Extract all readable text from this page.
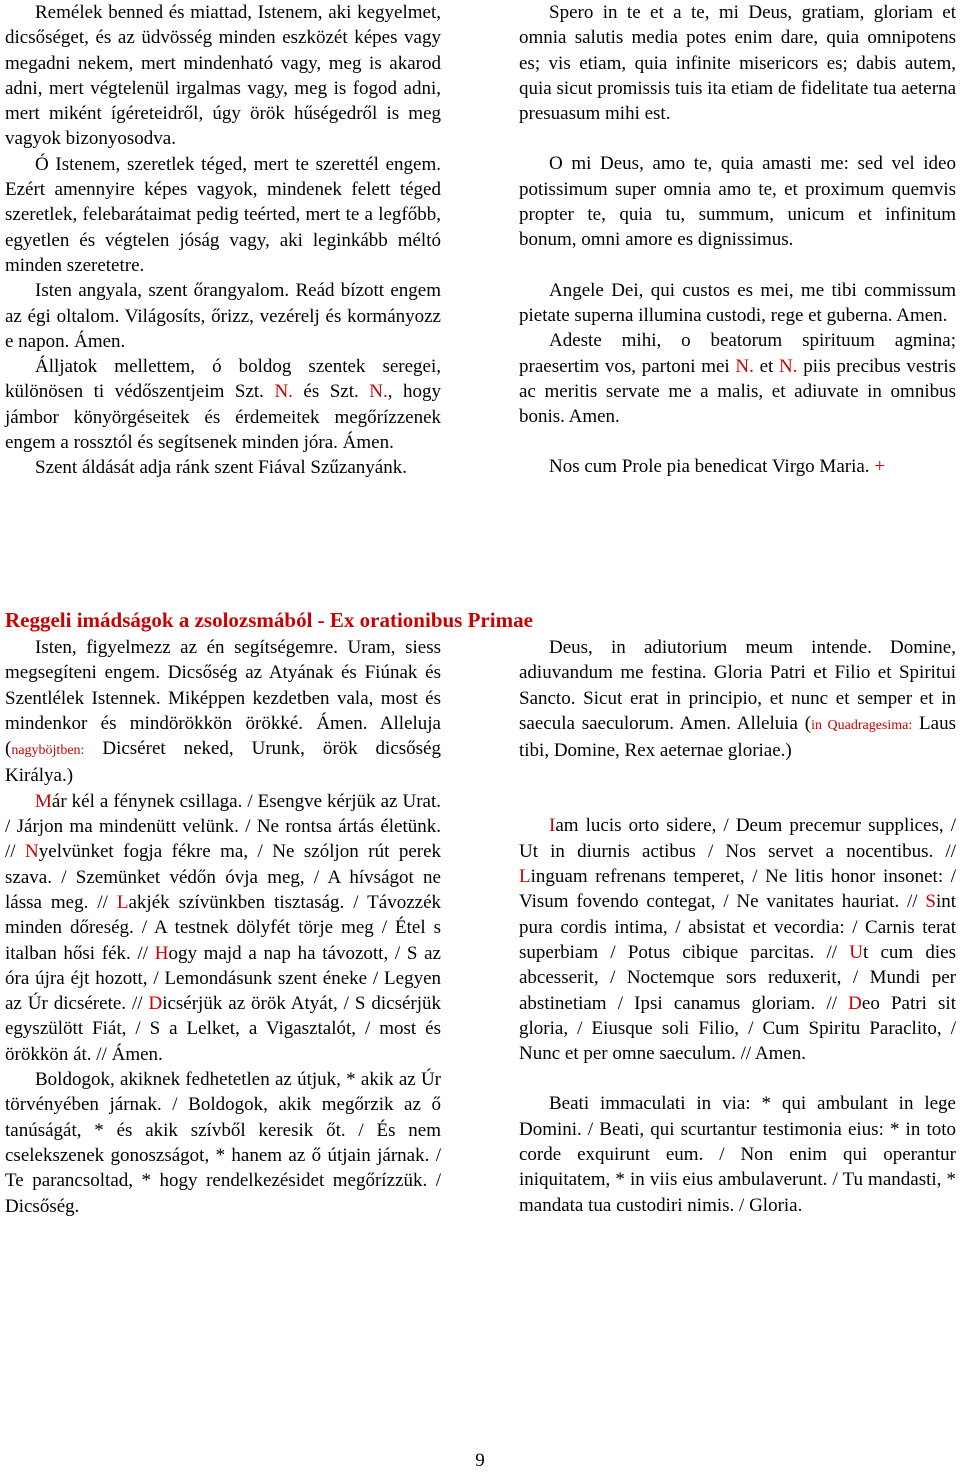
Remélek benned és miattad, Istenem, aki kegyelmet, dicsőséget, és az üdvösség minden eszközét képes vagy megadni nekem, mert mindenható vagy, meg is akarod adni, mert végtelenül irgalmas vagy, meg is fogod adni, mert miként ígéreteidről, úgy örök hűségedről is meg vagyok bizonyosodva.

Ó Istenem, szeretlek téged, mert te szerettél engem. Ezért amennyire képes vagyok, mindenek felett téged szeretlek, felebarátaimat pedig teérted, mert te a legfőbb, egyetlen és végtelen jóság vagy, aki leginkább méltó minden szeretetre.

Isten angyala, szent őrangyalom. Reád bízott engem az égi oltalom. Világosíts, őrizz, vezérelj és kormányozz e napon. Ámen.

Álljatok mellettem, ó boldog szentek seregei, különösen ti védőszentjeim Szt. N. és Szt. N., hogy jámbor könyörgéseitek és érdemeitek megőrízzenek engem a rossztól és segítsenek minden jóra. Ámen.

Szent áldását adja ránk szent Fiával Szűzanyánk.

Spero in te et a te, mi Deus, gratiam, gloriam et omnia salutis media potes enim dare, quia omnipotens es; vis etiam, quia infinite misericors es; dabis autem, quia sicut promissis tuis ita etiam de fidelitate tua aeterna presuasum mihi est.

O mi Deus, amo te, quia amasti me: sed vel ideo potissimum super omnia amo te, et proximum quemvis propter te, quia tu, summum, unicum et infinitum bonum, omni amore es dignissimus.

Angele Dei, qui custos es mei, me tibi commissum pietate superna illumina custodi, rege et guberna. Amen.

Adeste mihi, o beatorum spirituum agmina; praesertim vos, partoni mei N. et N. piis precibus vestris ac meritis servate me a malis, et adiuvate in omnibus bonis. Amen.

Nos cum Prole pia benedicat Virgo Maria. +

Reggeli imádságok a zsolozsmából - Ex orationibus Primae

Isten, figyelmezz az én segítségemre. Uram, siess megsegíteni engem. Dicsőség az Atyának és Fiúnak és Szentlélek Istennek. Miképpen kezdetben vala, most és mindenkor és mindörökkön örökké. Ámen. Alleluja (nagyböjtben: Dicséret neked, Urunk, örök dicsőség Királya.)

Már kél a fénynek csillaga. / Esengve kérjük az Urat. / Járjon ma mindenütt velünk. / Ne rontsa ártás életünk. // Nyelvünket fogja fékre ma, / Ne szóljon rút perek szava. / Szemünket védőn óvja meg, / A hívságot ne lássa meg. // Lakjék szívünkben tisztaság. / Távozzék minden dőreség. / A testnek dölyfét törje meg / Étel s italban hősi fék. // Hogy majd a nap ha távozott, / S az óra újra éjt hozott, / Lemondásunk szent éneke / Legyen az Úr dicsérete. // Dicsérjük az örök Atyát, / S dicsérjük egyszülött Fiát, / S a Lelket, a Vigasztalót, / most és örökkön át. // Ámen.

Boldogok, akiknek fedhetetlen az útjuk, * akik az Úr törvényében járnak. / Boldogok, akik megőrzik az ő tanúságát, * és akik szívből keresik őt. / És nem cselekszenek gonoszságot, * hanem az ő útjain járnak. / Te parancsoltad, * hogy rendelkezésidet megőrízzük. / Dicsőség.

Deus, in adiutorium meum intende. Domine, adiuvandum me festina. Gloria Patri et Filio et Spiritui Sancto. Sicut erat in principio, et nunc et semper et in saecula saeculorum. Amen. Alleluia (in Quadragesima: Laus tibi, Domine, Rex aeternae gloriae.)

Iam lucis orto sidere, / Deum precemur supplices, / Ut in diurnis actibus / Nos servet a nocentibus. // Linguam refrenans temperet, / Ne litis honor insonet: / Visum fovendo contegat, / Ne vanitates hauriat. // Sint pura cordis intima, / absistat et vecordia: / Carnis terat superbiam / Potus cibique parcitas. // Ut cum dies abcesserit, / Noctemque sors reduxerit, / Mundi per abstinetiam / Ipsi canamus gloriam. // Deo Patri sit gloria, / Eiusque soli Filio, / Cum Spiritu Paraclito, / Nunc et per omne saeculum. // Amen.

Beati immaculati in via: * qui ambulant in lege Domini. / Beati, qui scurtantur testimonia eius: * in toto corde exquirunt eum. / Non enim qui operantur iniquitatem, * in viis eius ambulaverunt. / Tu mandasti, * mandata tua custodiri nimis. / Gloria.

9
